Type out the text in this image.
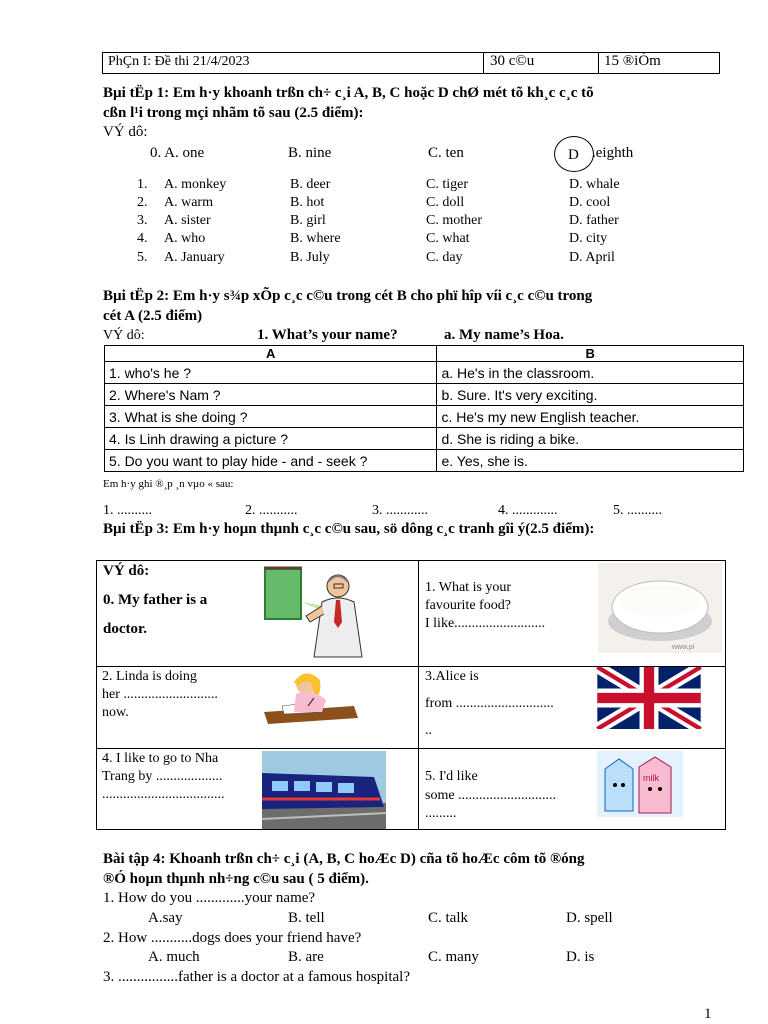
PhÇn I: Đề thi 21/4/2023	30 c©u	15 ®iÓm
Bµi tËp 1: Em h·y khoanh trßn ch÷ c¸i A, B, C hoặc D chØ mét tõ kh¸c c¸c tõ
cßn l¹i trong mçi nhãm tõ sau (2.5 điểm):
VÝ dô:
0. A. one	B. nine	C. ten	D .eighth
1. A. monkey	B. deer	C. tiger	D. whale
2. A. warm	B. hot	C. doll	D. cool
3. A. sister	B. girl	C. mother	D. father
4. A. who	B. where	C. what	D. city
5. A. January	B. July	C. day	D. April
Bµi tËp 2: Em h·y s¾p xÕp c¸c c©u trong cét B cho phï hîp víi c¸c c©u trong
cét A (2.5 điểm)
VÝ dô:	1. What’s your name?	a. My name’s Hoa.
A	B
1. who's he ?	a. He's in the classroom.
2. Where's Nam ?	b. Sure. It's very exciting.
3. What is she doing ?	c. He's my new English teacher.
4. Is Linh drawing a picture ?	d. She is riding a bike.
5. Do you want to play hide - and - seek ?	e. Yes, she is.
Em h·y ghi ®¸p ¸n vµo « sau:
1. ..........	2. ...........	3. ............	4. .............	5. ..........
Bµi tËp 3: Em h·y hoµn thµnh c¸c c©u sau, sö dông c¸c tranh gîi ý(2.5 điểm):
VÝ dô:
0. My father is a
doctor.
1. What is your
favourite food?
I like..........................
www.pi
2. Linda is doing
her ...........................
now.
3.Alice is
from ............................
..
4. I like to go to Nha
Trang by ...................
...................................
5. I'd like
some ............................
.........
milk
Bài tập 4: Khoanh trßn ch÷ c¸i (A, B, C hoÆc D) cña tõ hoÆc côm tõ ®óng
®Ó hoµn thµnh nh÷ng c©u sau ( 5 điểm).
1. How do you .............your name?
A.say	B. tell	C. talk	D. spell
2. How ...........dogs does your friend have?
A. much	B. are	C. many	D. is
3. ................father is a doctor at a famous hospital?
1
